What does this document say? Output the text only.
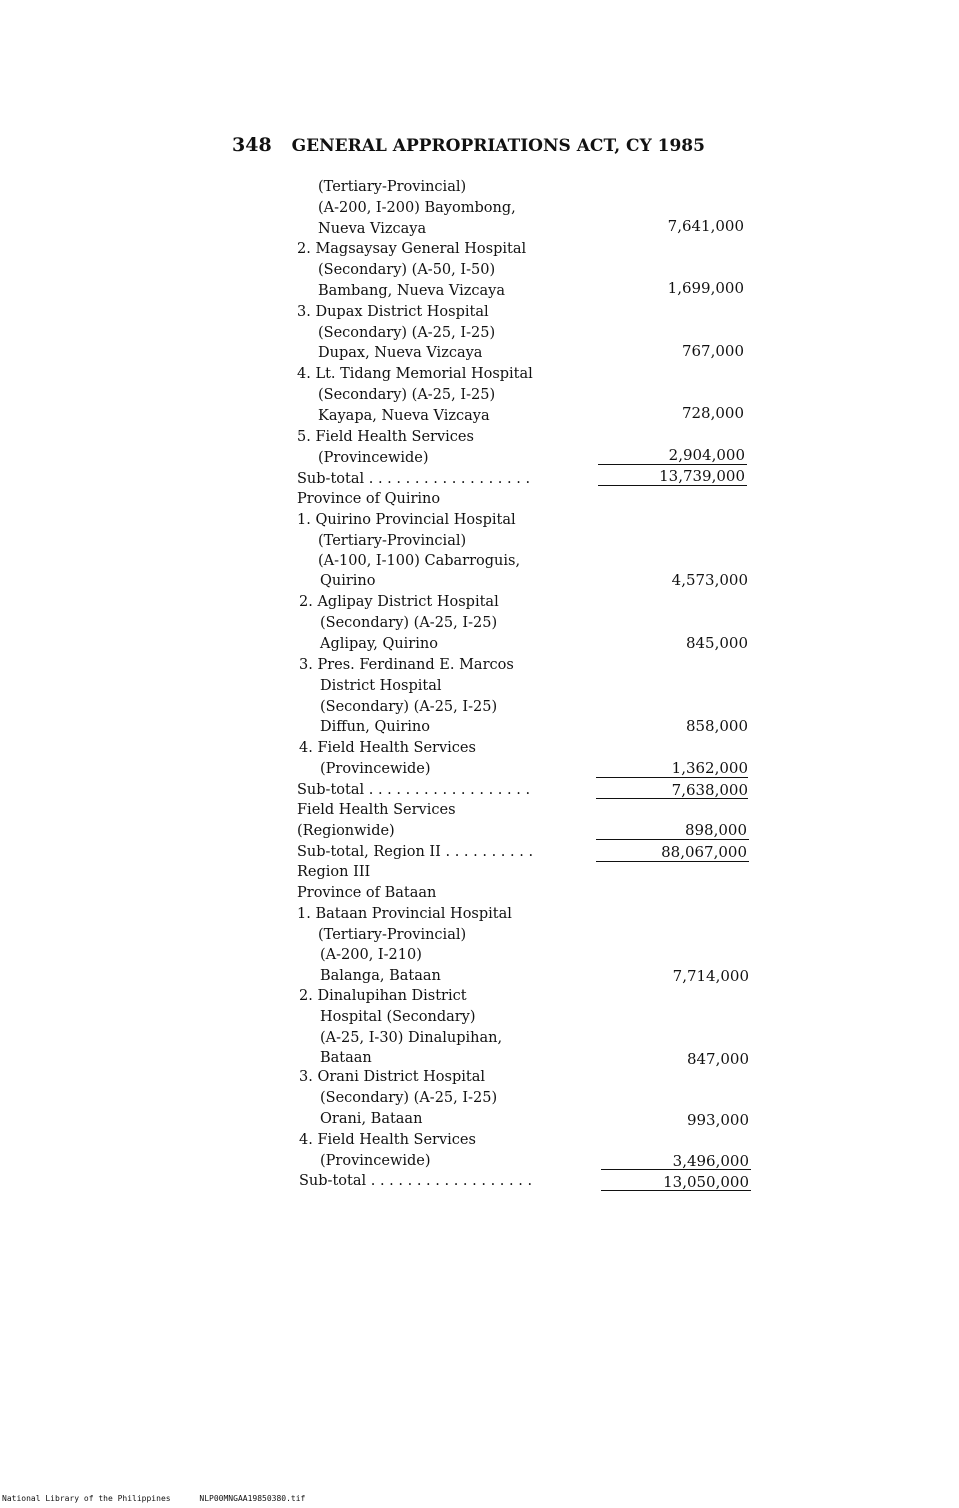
348 GENERAL APPROPRIATIONS ACT, CY 1985
(Tertiary-Provincial)
(A-200, I-200) Bayombong,
Nueva Vizcaya
2. Magsaysay General Hospital
(Secondary) (A-50, I-50)
Bambang, Nueva Vizcaya
3. Dupax District Hospital
(Secondary) (A-25, I-25)
Dupax, Nueva Vizcaya
4. Lt. Tidang Memorial Hospital
(Secondary) (A-25, I-25)
Kayapa, Nueva Vizcaya
5. Field Health Services
(Provincewide)
Sub-total . . . . . . . . . . . . . . . . . .
Province of Quirino
1. Quirino Provincial Hospital
(Tertiary-Provincial)
(A-100, I-100) Cabarroguis,
Quirino
2. Aglipay District Hospital
(Secondary) (A-25, I-25)
Aglipay, Quirino
3. Pres. Ferdinand E. Marcos
District Hospital
(Secondary) (A-25, I-25)
Diffun, Quirino
4. Field Health Services
(Provincewide)
Sub-total . . . . . . . . . . . . . . . . . .
Field Health Services
(Regionwide)
Sub-total, Region II . . . . . . . . . .
Region III
Province of Bataan
1. Bataan Provincial Hospital
(Tertiary-Provincial)
(A-200, I-210)
Balanga, Bataan
2. Dinalupihan District
Hospital (Secondary)
(A-25, I-30) Dinalupihan,
Bataan
3. Orani District Hospital
(Secondary) (A-25, I-25)
Orani, Bataan
4. Field Health Services
(Provincewide)
Sub-total . . . . . . . . . . . . . . . . . .
7,641,000
1,699,000
767,000
728,000
2,904,000
13,739,000
4,573,000
845,000
858,000
1,362,000
7,638,000
898,000
88,067,000
7,714,000
847,000
993,000
3,496,000
13,050,000
National Library of the Philippines	NLP00MNGAA19850380.tif
